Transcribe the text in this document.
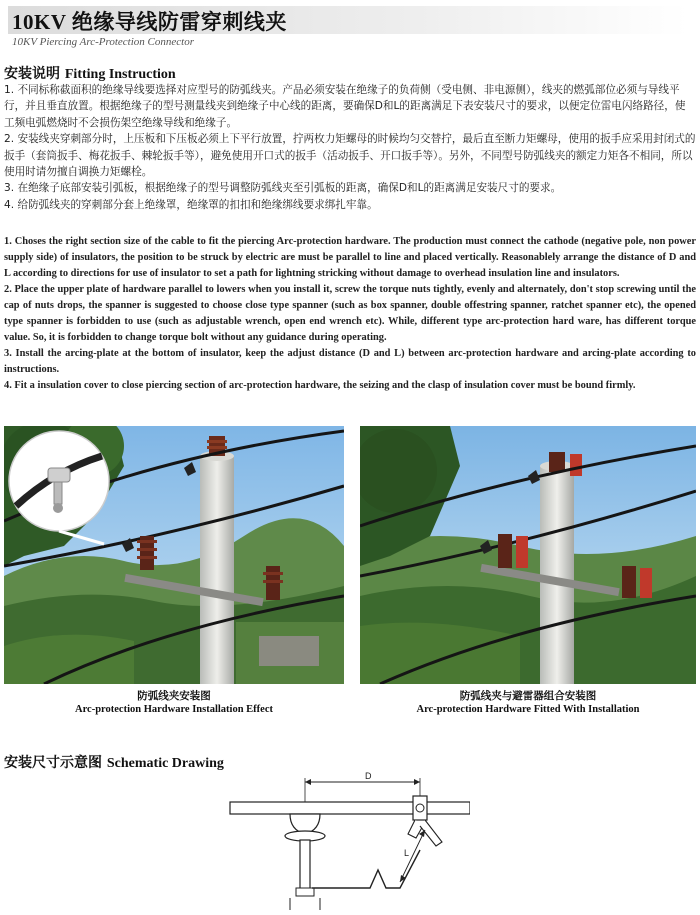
10KV 绝缘导线防雷穿刺线夹
10KV Piercing Arc-Protection Connector
安装说明 Fitting Instruction

1. 不同标称截面积的绝缘导线要选择对应型号的防弧线夹。产品必须安装在绝缘子的负荷侧（受电侧、非电源侧），线夹的燃弧部位必须与导线平行，并且垂直放置。根据绝缘子的型号测量线夹到绝缘子中心线的距离，要确保D和L的距离满足下表安装尺寸的要求，以便定位雷电闪络路径，使工频电弧燃烧时不会损伤架空绝缘导线和绝缘子。

2. 安装线夹穿刺部分时，上压板和下压板必须上下平行放置，拧两枚力矩螺母的时候均匀交替拧，最后直至断力矩螺母，使用的扳手应采用封闭式的扳手（套筒扳手、梅花扳手、棘轮扳手等），避免使用开口式的扳手（活动扳手、开口扳手等）。另外，不同型号防弧线夹的额定力矩各不相同，所以使用时请勿擅自调换力矩螺栓。

3. 在绝缘子底部安装引弧板，根据绝缘子的型号调整防弧线夹至引弧板的距离，确保D和L的距离满足安装尺寸的要求。

4. 给防弧线夹的穿刺部分套上绝缘罩，绝缘罩的扣扣和绝缘绑线要求绑扎牢靠。

1. Choses the right section size of the cable to fit the piercing Arc-protection hardware. The production must connect the cathode (negative pole, non power supply side) of insulators, the position to be struck by electric are must be parallel to line and placed vertically. Reasonablely arrange the distance of D and L according to directions for use of insulator to set a path for lightning stricking without damage to overhead insulation line and insulators.

2. Place the upper plate of hardware parallel to lowers when you install it, screw the torque nuts tightly, evenly and alternately, don't stop screwing until the cap of nuts drops, the spanner is suggested to choose close type spanner (such as box spanner, double offestring spanner, ratchet spanner etc), the opened type spanner is forbidden to use (such as adjustable wrench, open end wrench etc). While, different type arc-protection hard ware, has different torque value. So, it is forbidden to change torque bolt without any guidance during operating.

3. Install the arcing-plate at the bottom of insulator, keep the adjust distance (D and L) between arc-protection hardware and arcing-plate according to instructions.

4. Fit a insulation cover to close piercing section of arc-protection hardware, the seizing and the clasp of insulation cover must be bound firmly.

防弧线夹安装图
Arc-protection Hardware Installation Effect
防弧线夹与避雷器组合安装图
Arc-protection Hardware Fitted With Installation
安装尺寸示意图 Schematic Drawing
D
L
